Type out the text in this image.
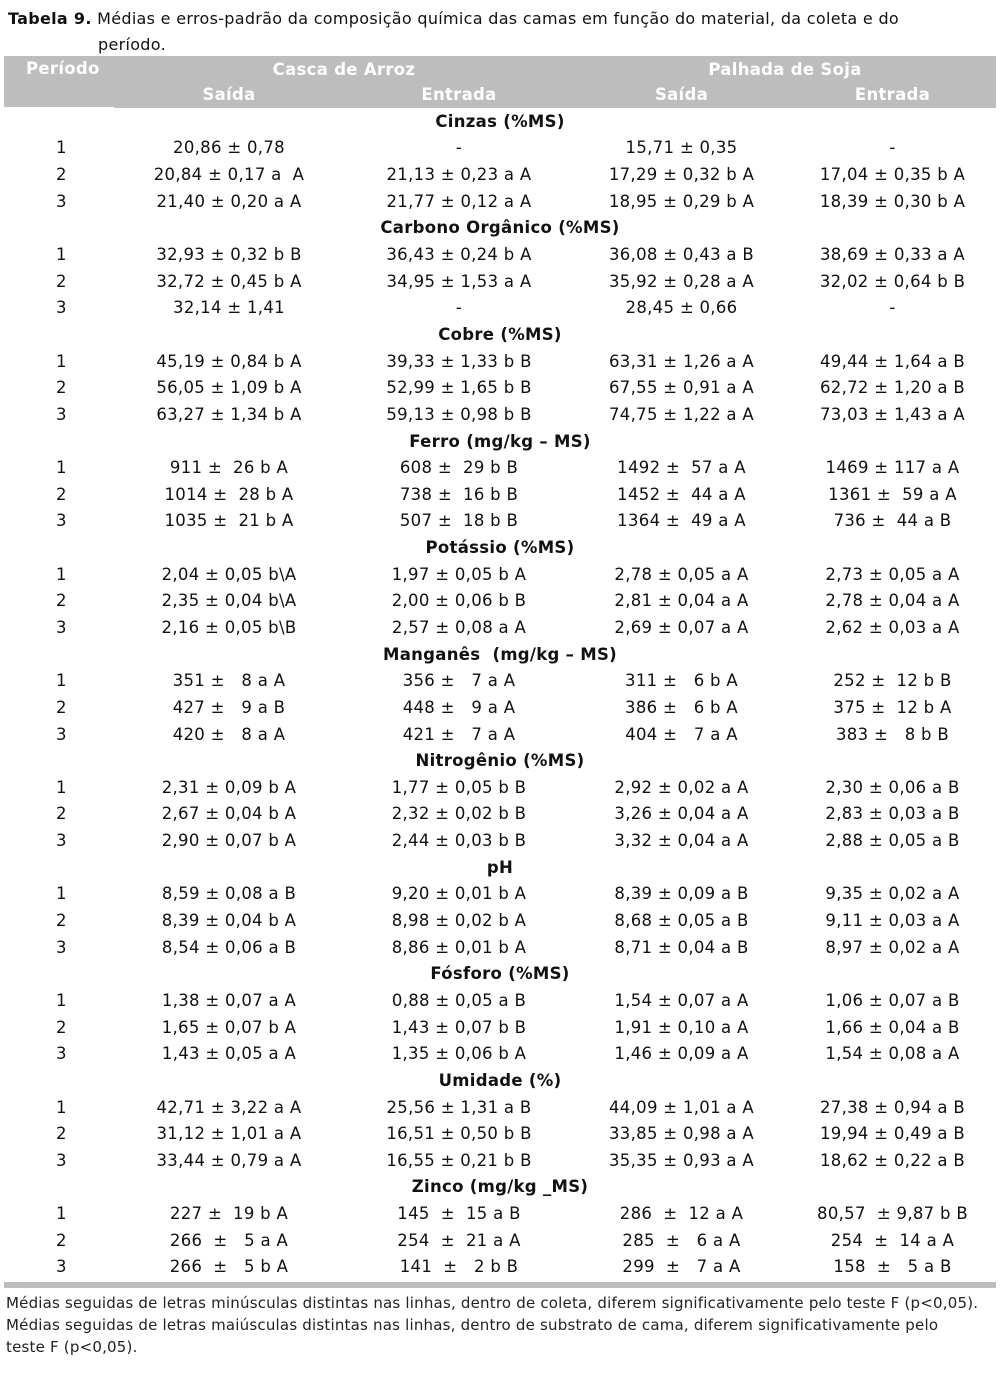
Tabela 9. Médias e erros-padrão da composição química das camas em função do material, da coleta e do
período.
Período	Casca de Arroz		Palhada de Soja	
	Saída	Entrada	Saída	Entrada
Cinzas (%MS)				
1	20,86 ± 0,78	-	15,71 ± 0,35	-
2	20,84 ± 0,17 a  A	21,13 ± 0,23 a A	17,29 ± 0,32 b A	17,04 ± 0,35 b A
3	21,40 ± 0,20 a A	21,77 ± 0,12 a A	18,95 ± 0,29 b A	18,39 ± 0,30 b A
Carbono Orgânico (%MS)				
1	32,93 ± 0,32 b B	36,43 ± 0,24 b A	36,08 ± 0,43 a B	38,69 ± 0,33 a A
2	32,72 ± 0,45 b A	34,95 ± 1,53 a A	35,92 ± 0,28 a A	32,02 ± 0,64 b B
3	32,14 ± 1,41	-	28,45 ± 0,66	-
Cobre (%MS)				
1	45,19 ± 0,84 b A	39,33 ± 1,33 b B	63,31 ± 1,26 a A	49,44 ± 1,64 a B
2	56,05 ± 1,09 b A	52,99 ± 1,65 b B	67,55 ± 0,91 a A	62,72 ± 1,20 a B
3	63,27 ± 1,34 b A	59,13 ± 0,98 b B	74,75 ± 1,22 a A	73,03 ± 1,43 a A
Ferro (mg/kg – MS)				
1	911 ±  26 b A	608 ±  29 b B	1492 ±  57 a A	1469 ± 117 a A
2	1014 ±  28 b A	738 ±  16 b B	1452 ±  44 a A	1361 ±  59 a A
3	1035 ±  21 b A	507 ±  18 b B	1364 ±  49 a A	736 ±  44 a B
Potássio (%MS)				
1	2,04 ± 0,05 b\A	1,97 ± 0,05 b A	2,78 ± 0,05 a A	2,73 ± 0,05 a A
2	2,35 ± 0,04 b\A	2,00 ± 0,06 b B	2,81 ± 0,04 a A	2,78 ± 0,04 a A
3	2,16 ± 0,05 b\B	2,57 ± 0,08 a A	2,69 ± 0,07 a A	2,62 ± 0,03 a A
Manganês  (mg/kg – MS)				
1	351 ±   8 a A	356 ±   7 a A	311 ±   6 b A	252 ±  12 b B
2	427 ±   9 a B	448 ±   9 a A	386 ±   6 b A	375 ±  12 b A
3	420 ±   8 a A	421 ±   7 a A	404 ±   7 a A	383 ±   8 b B
Nitrogênio (%MS)				
1	2,31 ± 0,09 b A	1,77 ± 0,05 b B	2,92 ± 0,02 a A	2,30 ± 0,06 a B
2	2,67 ± 0,04 b A	2,32 ± 0,02 b B	3,26 ± 0,04 a A	2,83 ± 0,03 a B
3	2,90 ± 0,07 b A	2,44 ± 0,03 b B	3,32 ± 0,04 a A	2,88 ± 0,05 a B
pH				
1	8,59 ± 0,08 a B	9,20 ± 0,01 b A	8,39 ± 0,09 a B	9,35 ± 0,02 a A
2	8,39 ± 0,04 b A	8,98 ± 0,02 b A	8,68 ± 0,05 a B	9,11 ± 0,03 a A
3	8,54 ± 0,06 a B	8,86 ± 0,01 b A	8,71 ± 0,04 a B	8,97 ± 0,02 a A
Fósforo (%MS)				
1	1,38 ± 0,07 a A	0,88 ± 0,05 a B	1,54 ± 0,07 a A	1,06 ± 0,07 a B
2	1,65 ± 0,07 b A	1,43 ± 0,07 b B	1,91 ± 0,10 a A	1,66 ± 0,04 a B
3	1,43 ± 0,05 a A	1,35 ± 0,06 b A	1,46 ± 0,09 a A	1,54 ± 0,08 a A
Umidade (%)				
1	42,71 ± 3,22 a A	25,56 ± 1,31 a B	44,09 ± 1,01 a A	27,38 ± 0,94 a B
2	31,12 ± 1,01 a A	16,51 ± 0,50 b B	33,85 ± 0,98 a A	19,94 ± 0,49 a B
3	33,44 ± 0,79 a A	16,55 ± 0,21 b B	35,35 ± 0,93 a A	18,62 ± 0,22 a B
Zinco (mg/kg _MS)				
1	227 ±  19 b A	145  ±  15 a B	286  ±  12 a A	80,57  ± 9,87 b B
2	266  ±   5 a A	254  ±  21 a A	285  ±   6 a A	254  ±  14 a A
3	266  ±   5 b A	141  ±   2 b B	299  ±   7 a A	158  ±   5 a B
Médias seguidas de letras minúsculas distintas nas linhas, dentro de coleta, diferem significativamente pelo teste F (p<0,05).
Médias seguidas de letras maiúsculas distintas nas linhas, dentro de substrato de cama, diferem significativamente pelo teste F (p<0,05).
